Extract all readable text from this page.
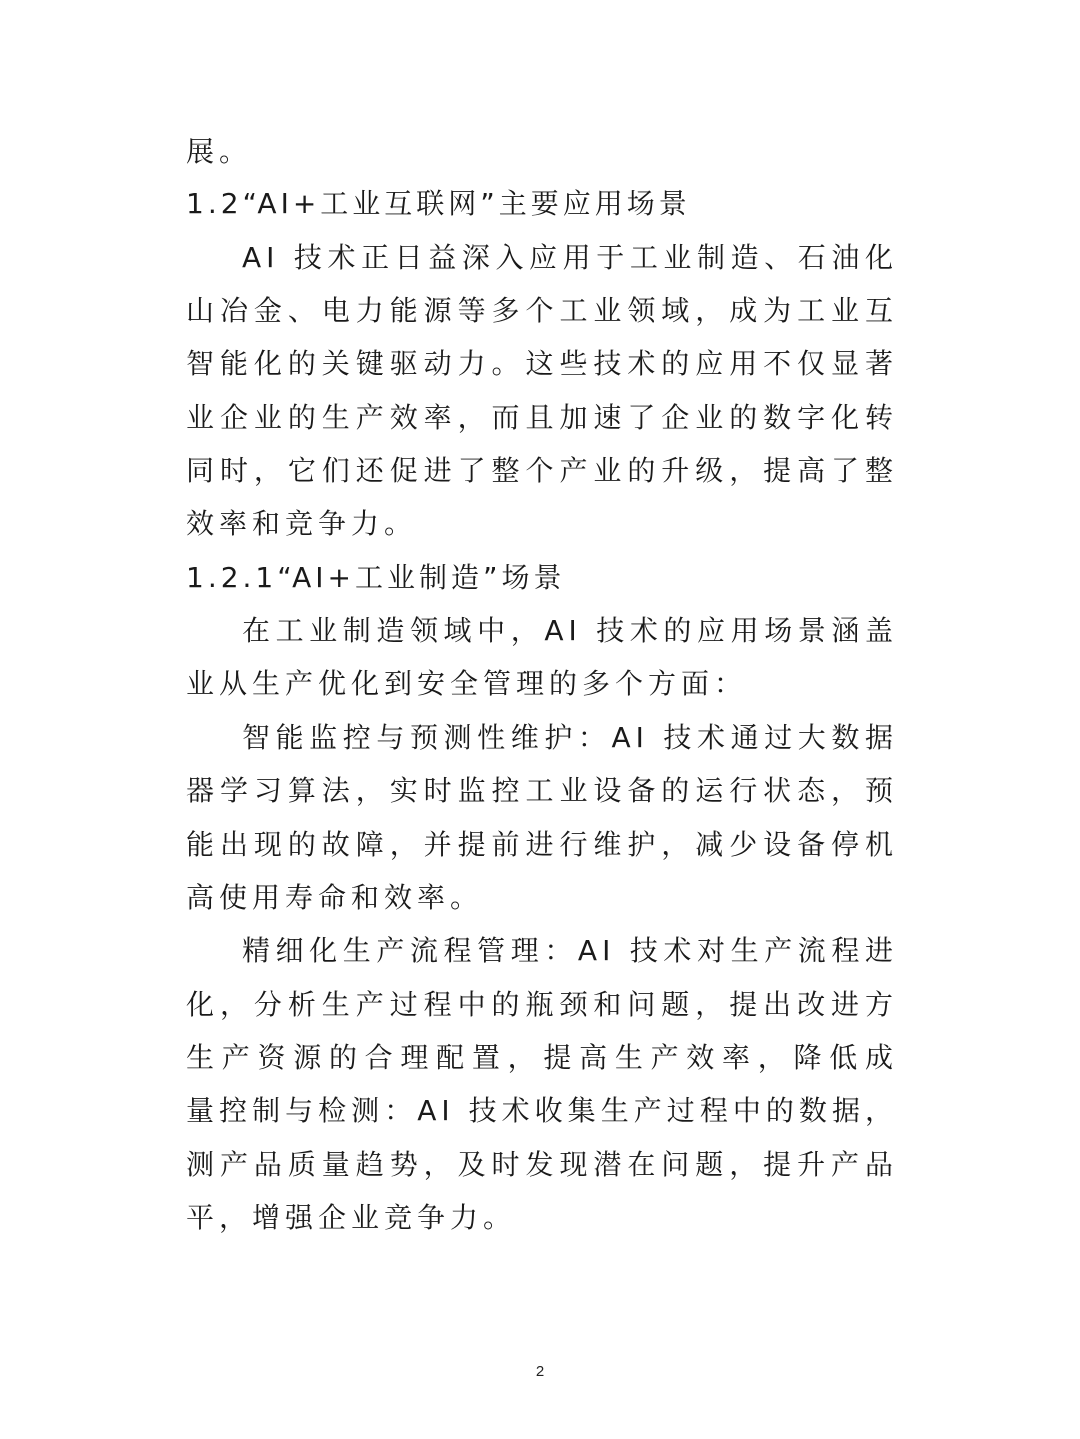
展。
1.2“AI+工业互联网”主要应用场景
AI 技术正日益深入应用于工业制造、石油化
山冶金、电力能源等多个工业领域，成为工业互
智能化的关键驱动力。这些技术的应用不仅显著
业企业的生产效率，而且加速了企业的数字化转
同时，它们还促进了整个产业的升级，提高了整
效率和竞争力。
1.2.1“AI+工业制造”场景
在工业制造领域中，AI 技术的应用场景涵盖
业从生产优化到安全管理的多个方面：
智能监控与预测性维护：AI 技术通过大数据
器学习算法，实时监控工业设备的运行状态，预
能出现的故障，并提前进行维护，减少设备停机
高使用寿命和效率。
精细化生产流程管理：AI 技术对生产流程进
化，分析生产过程中的瓶颈和问题，提出改进方
生产资源的合理配置，提高生产效率，降低成
量控制与检测：AI 技术收集生产过程中的数据，
测产品质量趋势，及时发现潜在问题，提升产品
平，增强企业竞争力。
2
